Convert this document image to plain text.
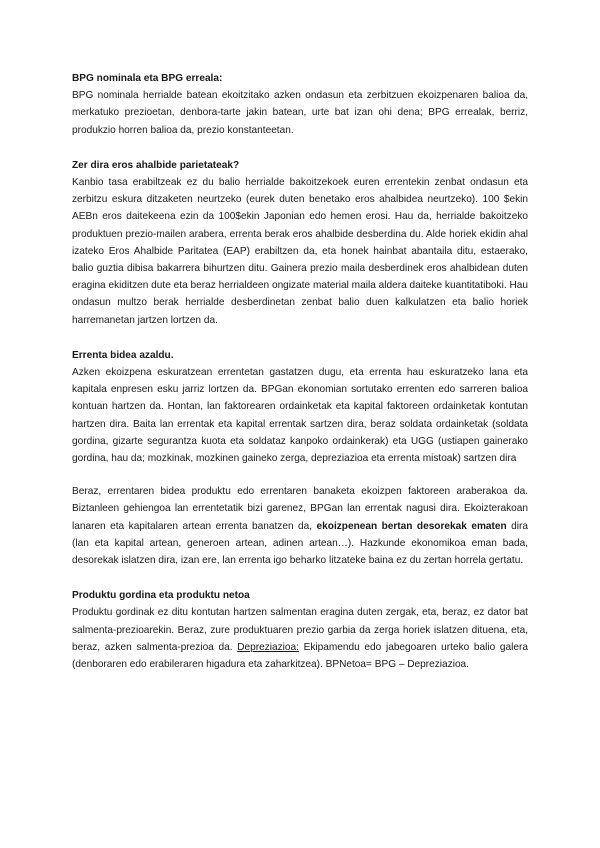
BPG nominala eta BPG erreala:

BPG nominala herrialde batean ekoitzitako azken ondasun eta zerbitzuen ekoizpenaren balioa da, merkatuko prezioetan, denbora-tarte jakin batean, urte bat izan ohi dena; BPG errealak, berriz, produkzio horren balioa da, prezio konstanteetan.

Zer dira eros ahalbide parietateak?

Kanbio tasa erabiltzeak ez du balio herrialde bakoitzekoek euren errentekin zenbat ondasun eta zerbitzu eskura ditzaketen neurtzeko (eurek duten benetako eros ahalbidea neurtzeko). 100 $ekin AEBn eros daitekeena ezin da 100$ekin Japonian edo hemen erosi. Hau da, herrialde bakoitzeko produktuen prezio-mailen araberа, errenta berak eros ahalbide desberdina du. Alde horiek ekidin ahal izateko Eros Ahalbide Paritatea (EAP) erabiltzen da, eta honek hainbat abantaila ditu, estaerako, balio guztia dibisa bakarrera bihurtzen ditu. Gainera prezio maila desberdinek eros ahalbidean duten eragina ekiditzen dute eta beraz herrialdeen ongizate material maila aldera daiteke kuantitatiboki. Hau ondasun multzo berak herrialde desberdinetan zenbat balio duen kalkulatzen eta balio horiek harremanetan jartzen lortzen da.

Errenta bidea azaldu.

Azken ekoizpena eskuratzean errentetan gastatzen dugu, eta errenta hau eskuratzeko lana eta kapitala enpresen esku jarriz lortzen da. BPGan ekonomian sortutako errenten edo sarreren balioa kontuan hartzen da. Hontan, lan faktorearen ordainketak eta kapital faktoreen ordainketak kontutan hartzen dira. Baita lan errentak eta kapital errentak sartzen dira, beraz soldata ordainketak (soldata gordina, gizarte segurantza kuota eta soldataz kanpoko ordainkerak) eta UGG (ustiapen gainerako gordina, hau da; mozkinak, mozkinen gaineko zerga, depreziazioa eta errenta mistoak) sartzen dira

Beraz, errentaren bidea produktu edo errentaren banaketa ekoizpen faktoreen araberakoa da. Biztanleen gehiengoa lan errentetatik bizi garenez, BPGan lan errentak nagusi dira. Ekoizterakoan lanaren eta kapitalaren artean errenta banatzen da, ekoizpenean bertan desorekak ematen dira (lan eta kapital artean, generoen artean, adinen artean…). Hazkunde ekonomikoa eman bada, desorekak islatzen dira, izan ere, lan errenta igo beharko litzateke baina ez du zertan horrela gertatu.

Produktu gordina eta produktu netoa

Produktu gordinak ez ditu kontutan hartzen salmentan eragina duten zergak, eta, beraz, ez dator bat salmenta-prezioarekin. Beraz, zure produktuaren prezio garbia da zerga horiek islatzen dituena, eta, beraz, azken salmenta-prezioa da. Depreziazioa: Ekipamendu edo jabegoaren urteko balio galera (denboraren edo erabileraren higadura eta zaharkitzea). BPNetoa= BPG – Depreziazioa.
